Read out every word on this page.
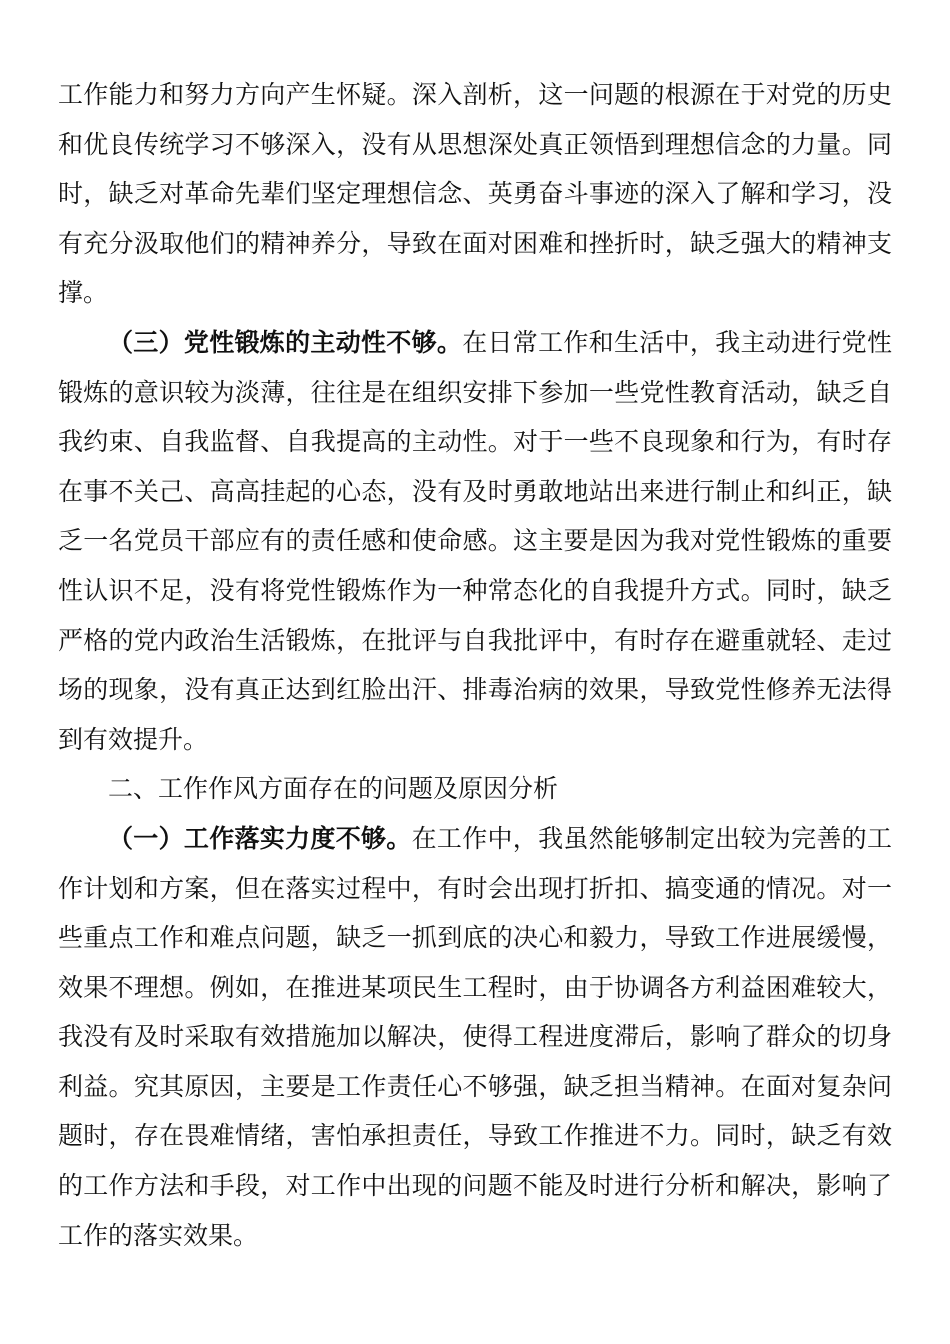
工作能力和努力方向产生怀疑。深入剖析，这一问题的根源在于对党的历史和优良传统学习不够深入，没有从思想深处真正领悟到理想信念的力量。同时，缺乏对革命先辈们坚定理想信念、英勇奋斗事迹的深入了解和学习，没有充分汲取他们的精神养分，导致在面对困难和挫折时，缺乏强大的精神支撑。

（三）党性锻炼的主动性不够。在日常工作和生活中，我主动进行党性锻炼的意识较为淡薄，往往是在组织安排下参加一些党性教育活动，缺乏自我约束、自我监督、自我提高的主动性。对于一些不良现象和行为，有时存在事不关己、高高挂起的心态，没有及时勇敢地站出来进行制止和纠正，缺乏一名党员干部应有的责任感和使命感。这主要是因为我对党性锻炼的重要性认识不足，没有将党性锻炼作为一种常态化的自我提升方式。同时，缺乏严格的党内政治生活锻炼，在批评与自我批评中，有时存在避重就轻、走过场的现象，没有真正达到红脸出汗、排毒治病的效果，导致党性修养无法得到有效提升。

二、工作作风方面存在的问题及原因分析

（一）工作落实力度不够。在工作中，我虽然能够制定出较为完善的工作计划和方案，但在落实过程中，有时会出现打折扣、搞变通的情况。对一些重点工作和难点问题，缺乏一抓到底的决心和毅力，导致工作进展缓慢，效果不理想。例如，在推进某项民生工程时，由于协调各方利益困难较大，我没有及时采取有效措施加以解决，使得工程进度滞后，影响了群众的切身利益。究其原因，主要是工作责任心不够强，缺乏担当精神。在面对复杂问题时，存在畏难情绪，害怕承担责任，导致工作推进不力。同时，缺乏有效的工作方法和手段，对工作中出现的问题不能及时进行分析和解决，影响了工作的落实效果。
